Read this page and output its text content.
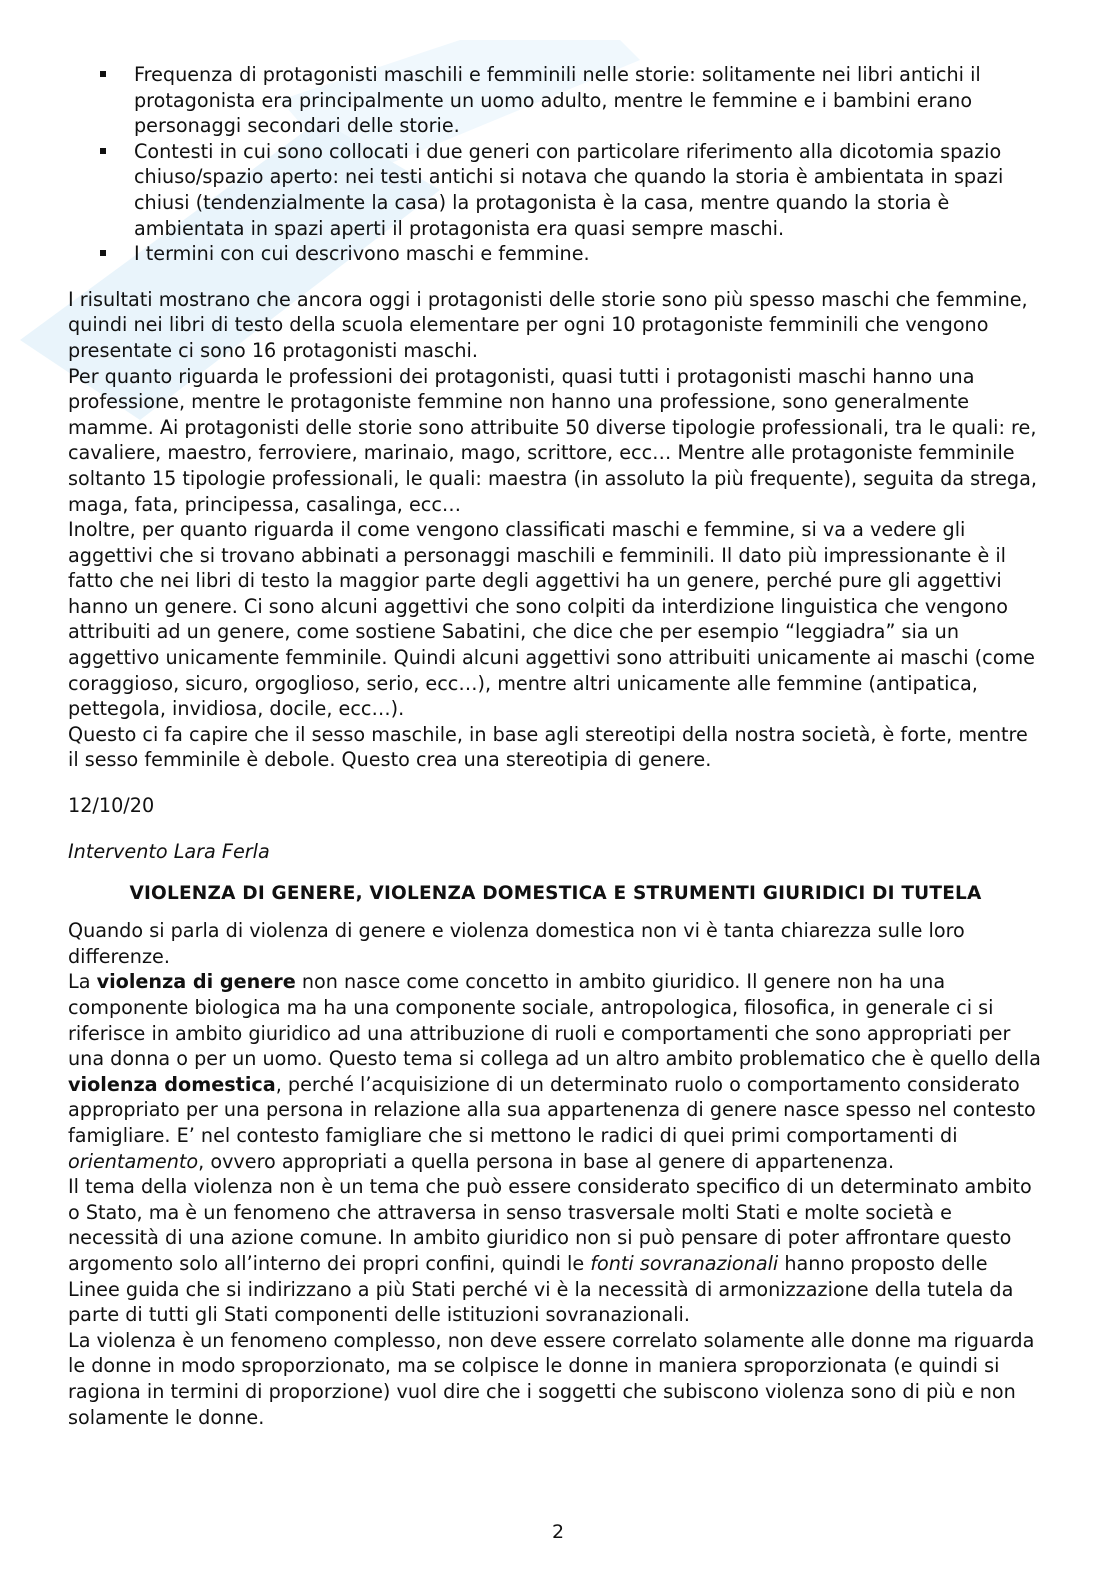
Frequenza di protagonisti maschili e femminili nelle storie: solitamente nei libri antichi il protagonista era principalmente un uomo adulto, mentre le femmine e i bambini erano personaggi secondari delle storie.
Contesti in cui sono collocati i due generi con particolare riferimento alla dicotomia spazio chiuso/spazio aperto: nei testi antichi si notava che quando la storia è ambientata in spazi chiusi (tendenzialmente la casa) la protagonista è la casa, mentre quando la storia è ambientata in spazi aperti il protagonista era quasi sempre maschi.
I termini con cui descrivono maschi e femmine.

I risultati mostrano che ancora oggi i protagonisti delle storie sono più spesso maschi che femmine, quindi nei libri di testo della scuola elementare per ogni 10 protagoniste femminili che vengono presentate ci sono 16 protagonisti maschi.

Per quanto riguarda le professioni dei protagonisti, quasi tutti i protagonisti maschi hanno una professione, mentre le protagoniste femmine non hanno una professione, sono generalmente mamme. Ai protagonisti delle storie sono attribuite 50 diverse tipologie professionali, tra le quali: re, cavaliere, maestro, ferroviere, marinaio, mago, scrittore, ecc… Mentre alle protagoniste femminile soltanto 15 tipologie professionali, le quali: maestra (in assoluto la più frequente), seguita da strega, maga, fata, principessa, casalinga, ecc…

Inoltre, per quanto riguarda il come vengono classificati maschi e femmine, si va a vedere gli aggettivi che si trovano abbinati a personaggi maschili e femminili. Il dato più impressionante è il fatto che nei libri di testo la maggior parte degli aggettivi ha un genere, perché pure gli aggettivi hanno un genere. Ci sono alcuni aggettivi che sono colpiti da interdizione linguistica che vengono attribuiti ad un genere, come sostiene Sabatini, che dice che per esempio “leggiadra” sia un aggettivo unicamente femminile. Quindi alcuni aggettivi sono attribuiti unicamente ai maschi (come coraggioso, sicuro, orgoglioso, serio, ecc…), mentre altri unicamente alle femmine (antipatica, pettegola, invidiosa, docile, ecc…).

Questo ci fa capire che il sesso maschile, in base agli stereotipi della nostra società, è forte, mentre il sesso femminile è debole. Questo crea una stereotipia di genere.

12/10/20

Intervento Lara Ferla

VIOLENZA DI GENERE, VIOLENZA DOMESTICA E STRUMENTI GIURIDICI DI TUTELA

Quando si parla di violenza di genere e violenza domestica non vi è tanta chiarezza sulle loro differenze.

La violenza di genere non nasce come concetto in ambito giuridico. Il genere non ha una componente biologica ma ha una componente sociale, antropologica, filosofica, in generale ci si riferisce in ambito giuridico ad una attribuzione di ruoli e comportamenti che sono appropriati per una donna o per un uomo. Questo tema si collega ad un altro ambito problematico che è quello della violenza domestica, perché l’acquisizione di un determinato ruolo o comportamento considerato appropriato per una persona in relazione alla sua appartenenza di genere nasce spesso nel contesto famigliare. E’ nel contesto famigliare che si mettono le radici di quei primi comportamenti di orientamento, ovvero appropriati a quella persona in base al genere di appartenenza.

Il tema della violenza non è un tema che può essere considerato specifico di un determinato ambito o Stato, ma è un fenomeno che attraversa in senso trasversale molti Stati e molte società e necessità di una azione comune. In ambito giuridico non si può pensare di poter affrontare questo argomento solo all’interno dei propri confini, quindi le fonti sovranazionali hanno proposto delle Linee guida che si indirizzano a più Stati perché vi è la necessità di armonizzazione della tutela da parte di tutti gli Stati componenti delle istituzioni sovranazionali.

La violenza è un fenomeno complesso, non deve essere correlato solamente alle donne ma riguarda le donne in modo sproporzionato, ma se colpisce le donne in maniera sproporzionata (e quindi si ragiona in termini di proporzione) vuol dire che i soggetti che subiscono violenza sono di più e non solamente le donne.

2
